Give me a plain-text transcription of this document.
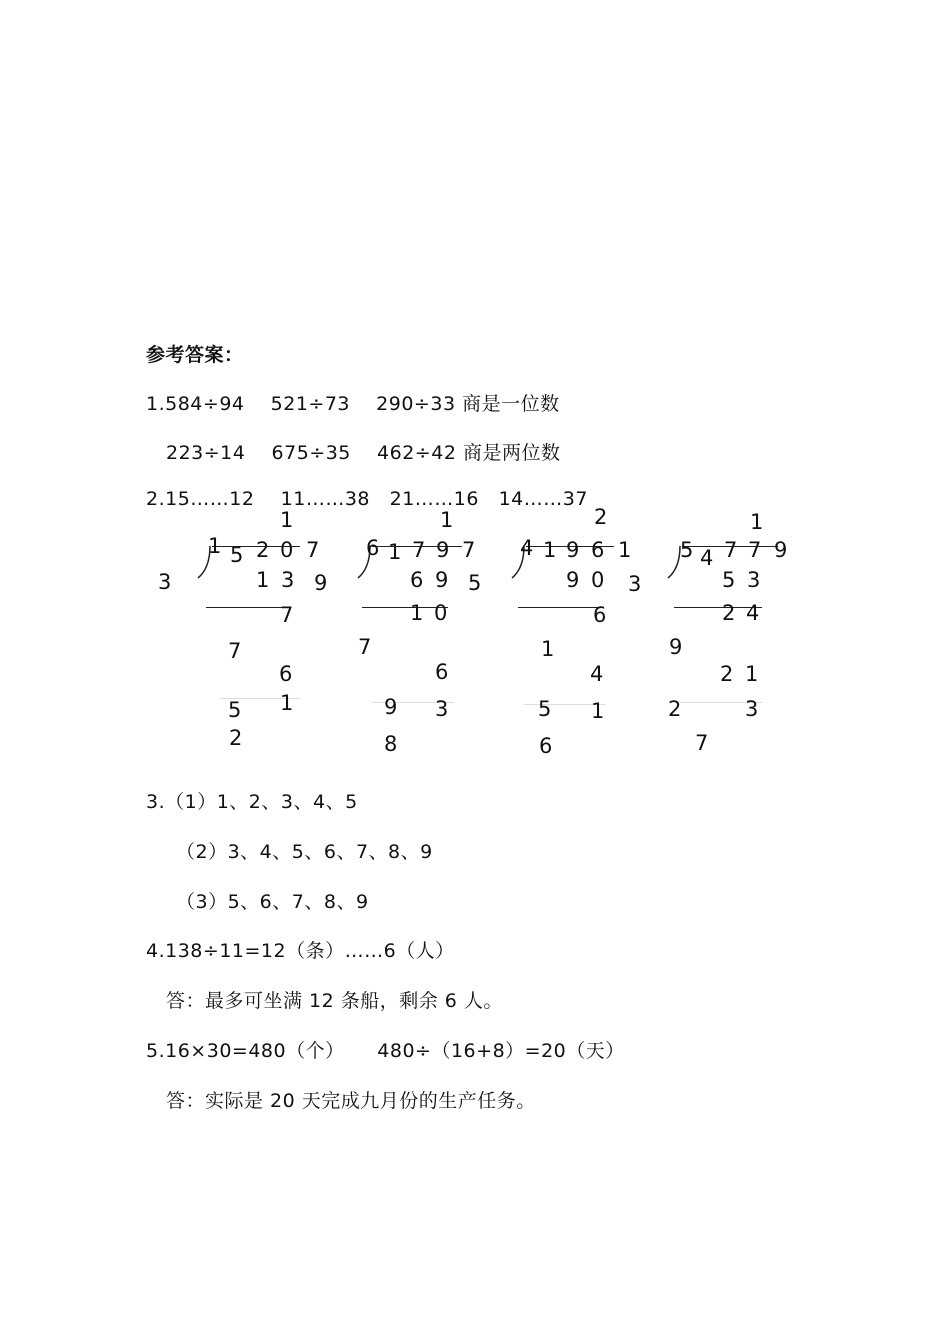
参考答案：
1.584÷94    521÷73    290÷33 商是一位数
223÷14    675÷35    462÷42 商是两位数
2.15……12    11……38   21……16   14……37
1
1 5 2 0 7
3	1 3 9
7
7
6
5 1
2
1
6 1 7 9 7
6 9 5
1 0
7
6
9 3
8
2
4 1 9 6 1
3
9 0
6
1
4
5 1
6
1
5 4 7 7 9
5 3
2 4
9
2 1
2	3
7
3.（1）1、2、3、4、5
（2）3、4、5、6、7、8、9
（3）5、6、7、8、9
4.138÷11=12（条）……6（人）
答：最多可坐满 12 条船，剩余 6 人。
5.16×30=480（个）     480÷（16+8）=20（天）
答：实际是 20 天完成九月份的生产任务。
